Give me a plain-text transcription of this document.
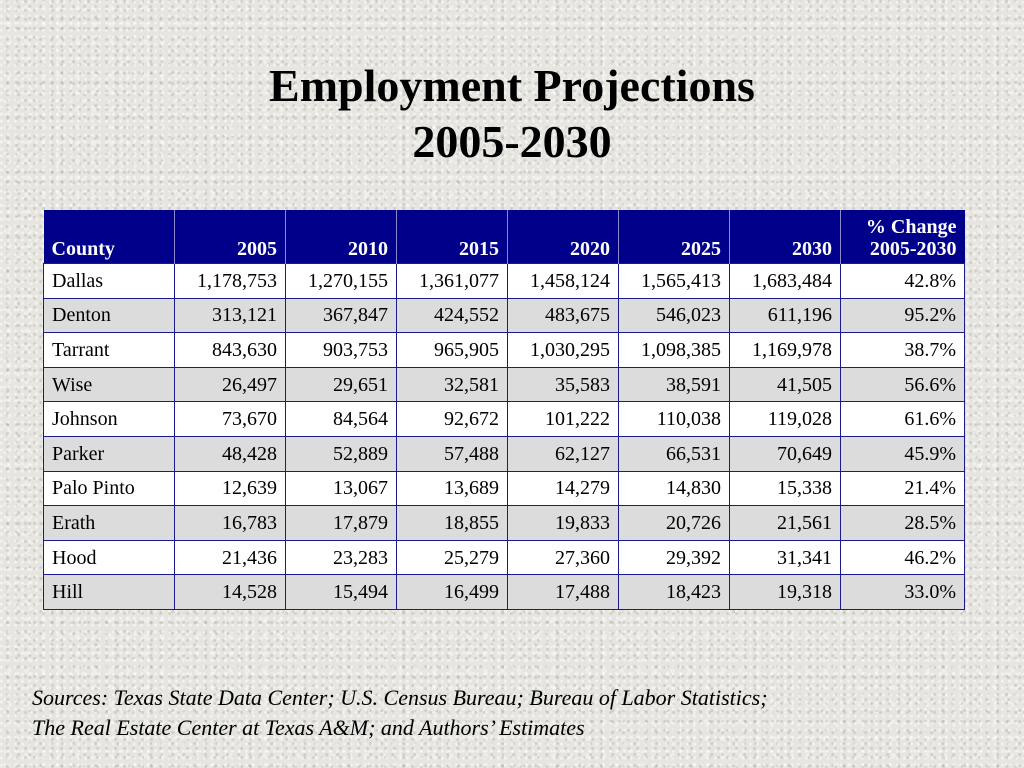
Employment Projections
2005-2030
County	2005	2010	2015	2020	2025	2030	% Change
2005-2030

Dallas	1,178,753	1,270,155	1,361,077	1,458,124	1,565,413	1,683,484	42.8%
Denton	313,121	367,847	424,552	483,675	546,023	611,196	95.2%
Tarrant	843,630	903,753	965,905	1,030,295	1,098,385	1,169,978	38.7%
Wise	26,497	29,651	32,581	35,583	38,591	41,505	56.6%
Johnson	73,670	84,564	92,672	101,222	110,038	119,028	61.6%
Parker	48,428	52,889	57,488	62,127	66,531	70,649	45.9%
Palo Pinto	12,639	13,067	13,689	14,279	14,830	15,338	21.4%
Erath	16,783	17,879	18,855	19,833	20,726	21,561	28.5%
Hood	21,436	23,283	25,279	27,360	29,392	31,341	46.2%
Hill	14,528	15,494	16,499	17,488	18,423	19,318	33.0%
Sources: Texas State Data Center; U.S. Census Bureau; Bureau of Labor Statistics;
The Real Estate Center at Texas A&M; and Authors’ Estimates
